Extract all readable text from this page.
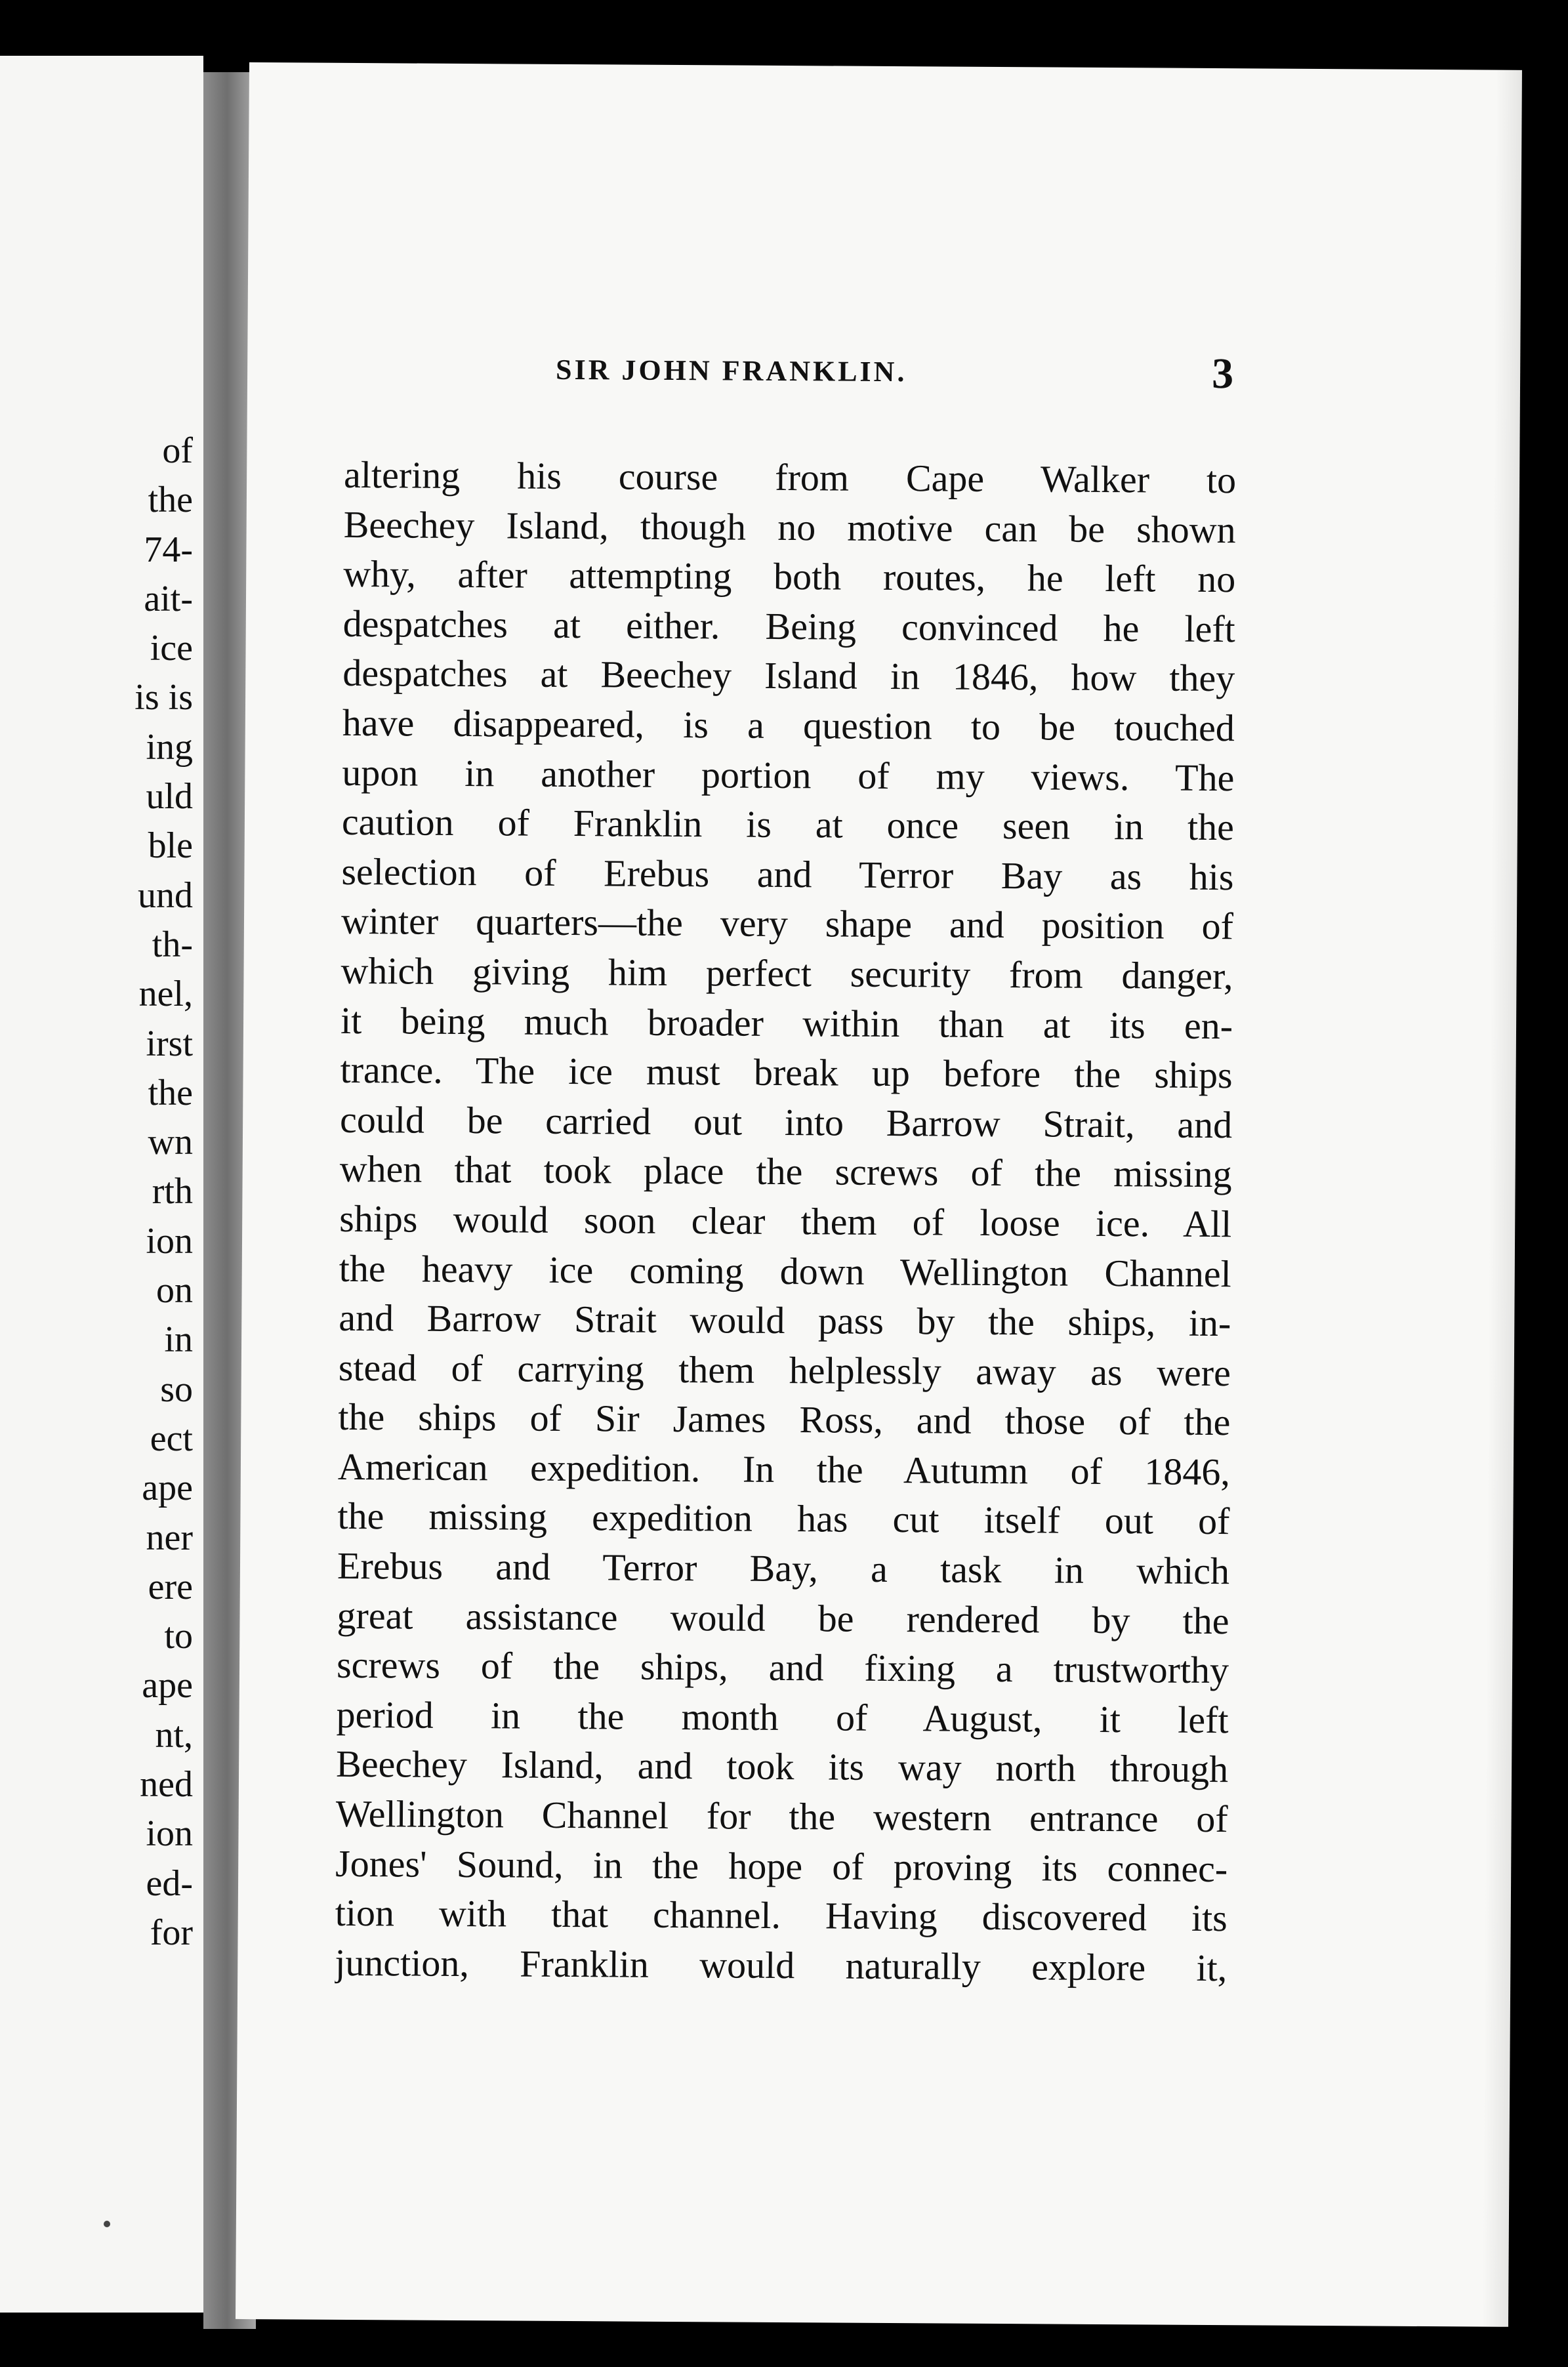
of
the
74-
ait-
ice
is is
ing
uld
ble
und
th-
nel,
irst
the
wn
rth
ion
on
in
so
ect
ape
ner
ere
to
ape
nt,
ned
ion
ed-
for
SIR JOHN FRANKLIN.	3
altering his course from Cape Walker to
Beechey Island, though no motive can be shown
why, after attempting both routes, he left no
despatches at either. Being convinced he left
despatches at Beechey Island in 1846, how they
have disappeared, is a question to be touched
upon in another portion of my views. The
caution of Franklin is at once seen in the
selection of Erebus and Terror Bay as his
winter quarters—the very shape and position of
which giving him perfect security from danger,
it being much broader within than at its en-
trance. The ice must break up before the ships
could be carried out into Barrow Strait, and
when that took place the screws of the missing
ships would soon clear them of loose ice. All
the heavy ice coming down Wellington Channel
and Barrow Strait would pass by the ships, in-
stead of carrying them helplessly away as were
the ships of Sir James Ross, and those of the
American expedition. In the Autumn of 1846,
the missing expedition has cut itself out of
Erebus and Terror Bay, a task in which
great assistance would be rendered by the
screws of the ships, and fixing a trustworthy
period in the month of August, it left
Beechey Island, and took its way north through
Wellington Channel for the western entrance of
Jones' Sound, in the hope of proving its connec-
tion with that channel. Having discovered its
junction, Franklin would naturally explore it,
